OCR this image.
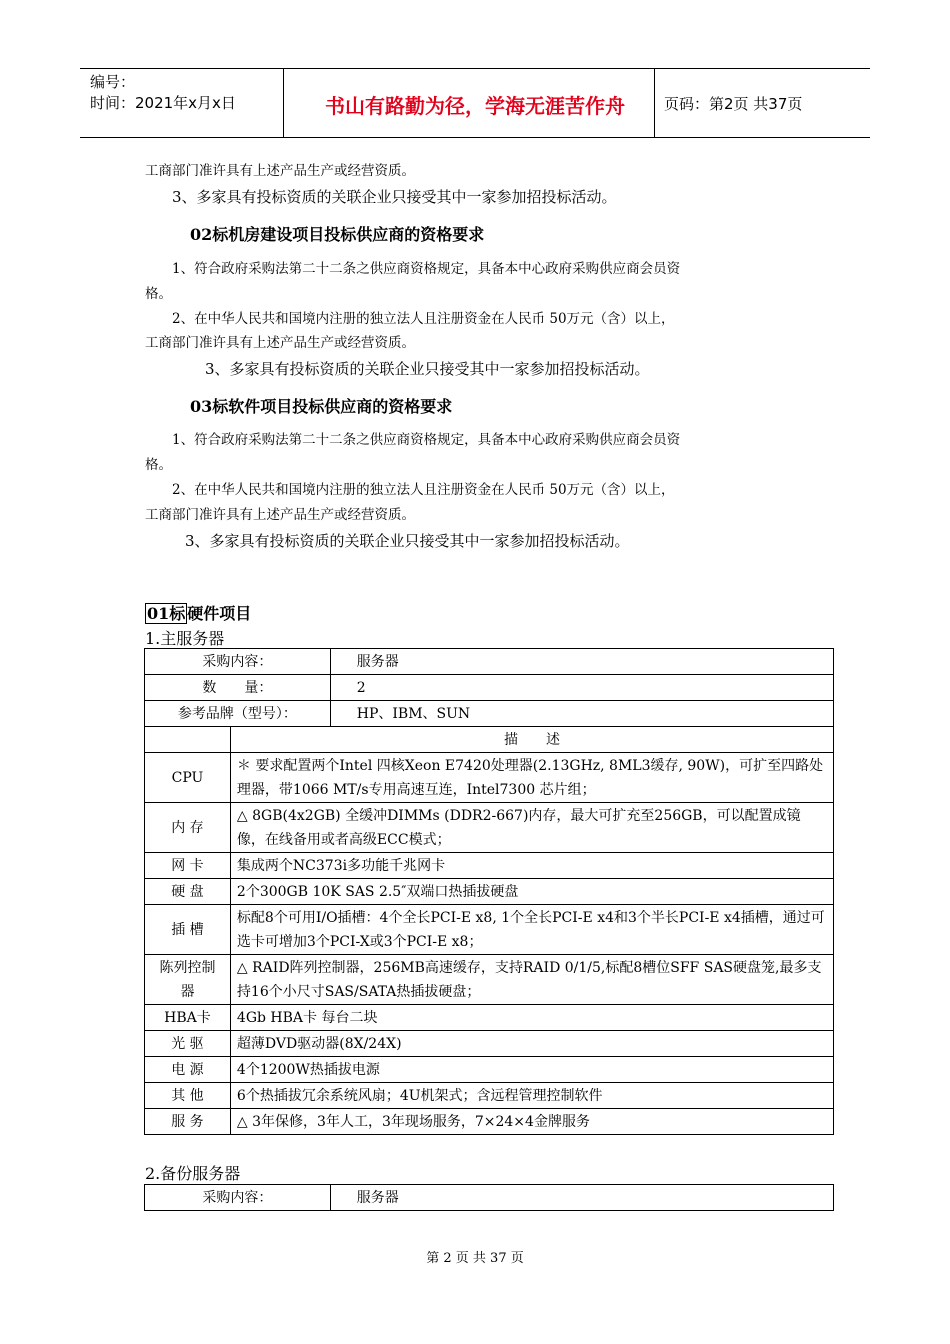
编号：
时间：2021年x月x日	书山有路勤为径，学海无涯苦作舟	页码：第2页 共37页
工商部门准许具有上述产品生产或经营资质。
3、多家具有投标资质的关联企业只接受其中一家参加招投标活动。
02标机房建设项目投标供应商的资格要求
1、符合政府采购法第二十二条之供应商资格规定，具备本中心政府采购供应商会员资
格。
2、在中华人民共和国境内注册的独立法人且注册资金在人民币 50万元（含）以上，
工商部门准许具有上述产品生产或经营资质。
3、多家具有投标资质的关联企业只接受其中一家参加招投标活动。
03标软件项目投标供应商的资格要求
1、符合政府采购法第二十二条之供应商资格规定，具备本中心政府采购供应商会员资
格。
2、在中华人民共和国境内注册的独立法人且注册资金在人民币 50万元（含）以上，
工商部门准许具有上述产品生产或经营资质。
3、多家具有投标资质的关联企业只接受其中一家参加招投标活动。
01标 硬件项目
1.主服务器
采购内容：		服务器
数　　量：		2
参考品牌（型号）：		HP、IBM、SUN
	描　　述	
CPU	＊ 要求配置两个Intel 四核Xeon E7420处理器(2.13GHz, 8ML3缓存, 90W)，可扩至四路处理器，带1066 MT/s专用高速互连，Intel7300 芯片组；	
内 存	△ 8GB(4x2GB) 全缓冲DIMMs (DDR2-667)内存，最大可扩充至256GB，可以配置成镜像，在线备用或者高级ECC模式；	
网 卡	集成两个NC373i多功能千兆网卡	
硬 盘	2个300GB 10K SAS 2.5″双端口热插拔硬盘	
插 槽	标配8个可用I/O插槽：4个全长PCI-E x8, 1个全长PCI-E x4和3个半长PCI-E x4插槽，通过可选卡可增加3个PCI-X或3个PCI-E x8；	
陈列控制器	△ RAID阵列控制器，256MB高速缓存，支持RAID 0/1/5,标配8槽位SFF SAS硬盘笼,最多支持16个小尺寸SAS/SATA热插拔硬盘；	
HBA卡	4Gb HBA卡 每台二块	
光 驱	超薄DVD驱动器(8X/24X)	
电 源	4个1200W热插拔电源	
其 他	6个热插拔冗余系统风扇；4U机架式；含远程管理控制软件	
服 务	△ 3年保修，3年人工，3年现场服务，7×24×4金牌服务	
2.备份服务器
采购内容：	服务器
第 2 页 共 37 页
